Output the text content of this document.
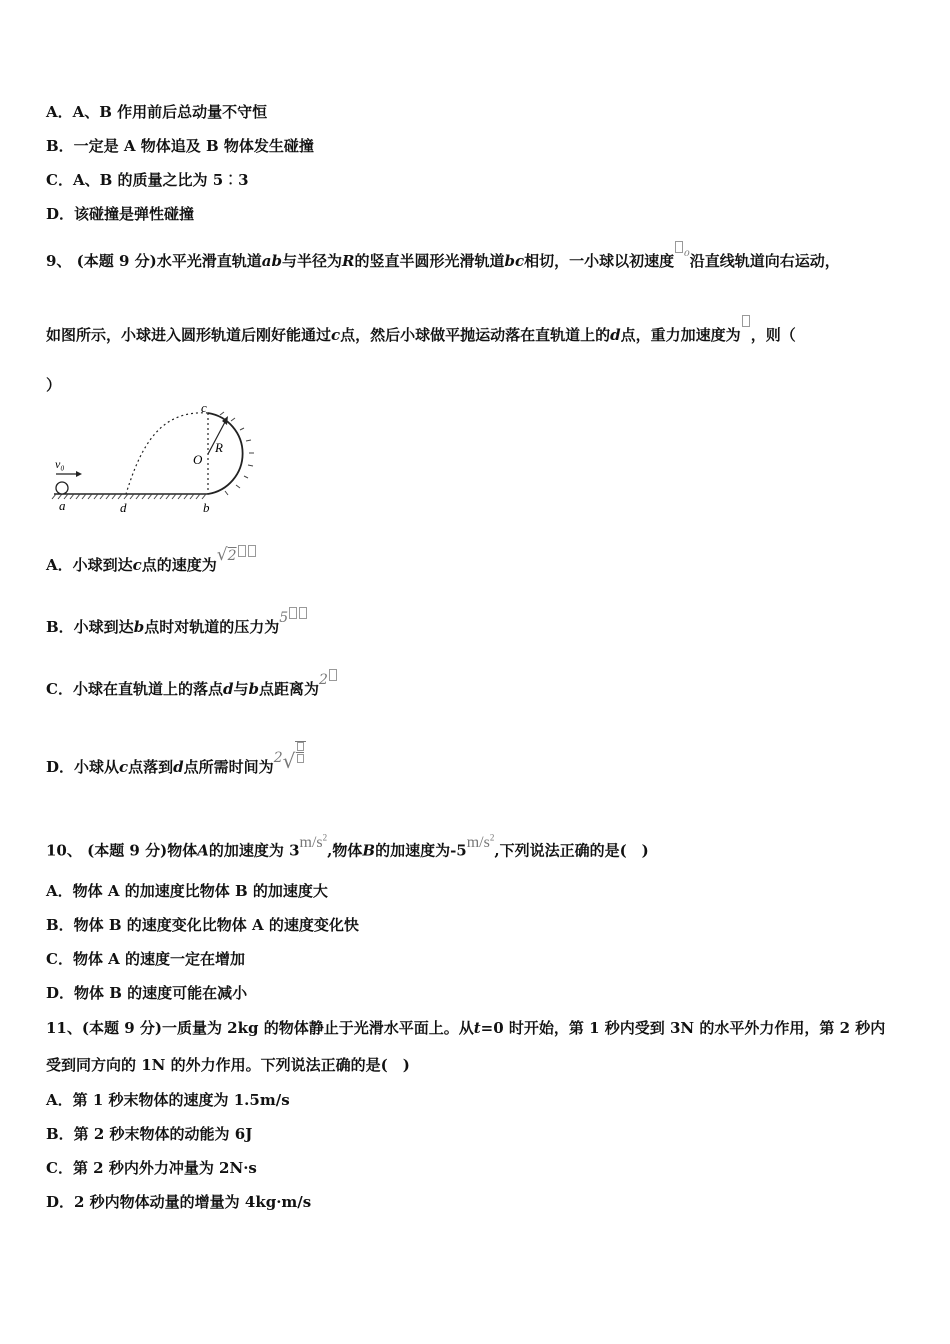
A．A、B 作用前后总动量不守恒
B．一定是 A 物体追及 B 物体发生碰撞
C．A、B 的质量之比为 5︰3
D．该碰撞是弹性碰撞
9、 (本题 9 分)水平光滑直轨道ab与半径为R的竖直半圆形光滑轨道bc相切，一小球以初速度 ₀沿直线轨道向右运动，
如图所示，小球进入圆形轨道后刚好能通过c点，然后小球做平抛运动落在直轨道上的d点，重力加速度为 ，则（
）
v₀
a	d	b
c
O
R
A．小球到达c点的速度为√2
B．小球到达b点时对轨道的压力为5
C．小球在直轨道上的落点d与b点距离为2
D．小球从c点落到d点所需时间为2√
10、 (本题 9 分)物体A的加速度为 $3m/s^2$,物体B的加速度为$-5m/s^2$,下列说法正确的是(　)
A．物体 A 的加速度比物体 B 的加速度大
B．物体 B 的速度变化比物体 A 的速度变化快
C．物体 A 的速度一定在增加
D．物体 B 的速度可能在减小
11、(本题 9 分)一质量为 2kg 的物体静止于光滑水平面上。从t=0 时开始，第 1 秒内受到 3N 的水平外力作用，第 2 秒内
受到同方向的 1N 的外力作用。下列说法正确的是(　)
A．第 1 秒末物体的速度为 1.5m/s
B．第 2 秒末物体的动能为 6J
C．第 2 秒内外力冲量为 2N·s
D．2 秒内物体动量的增量为 4kg·m/s
